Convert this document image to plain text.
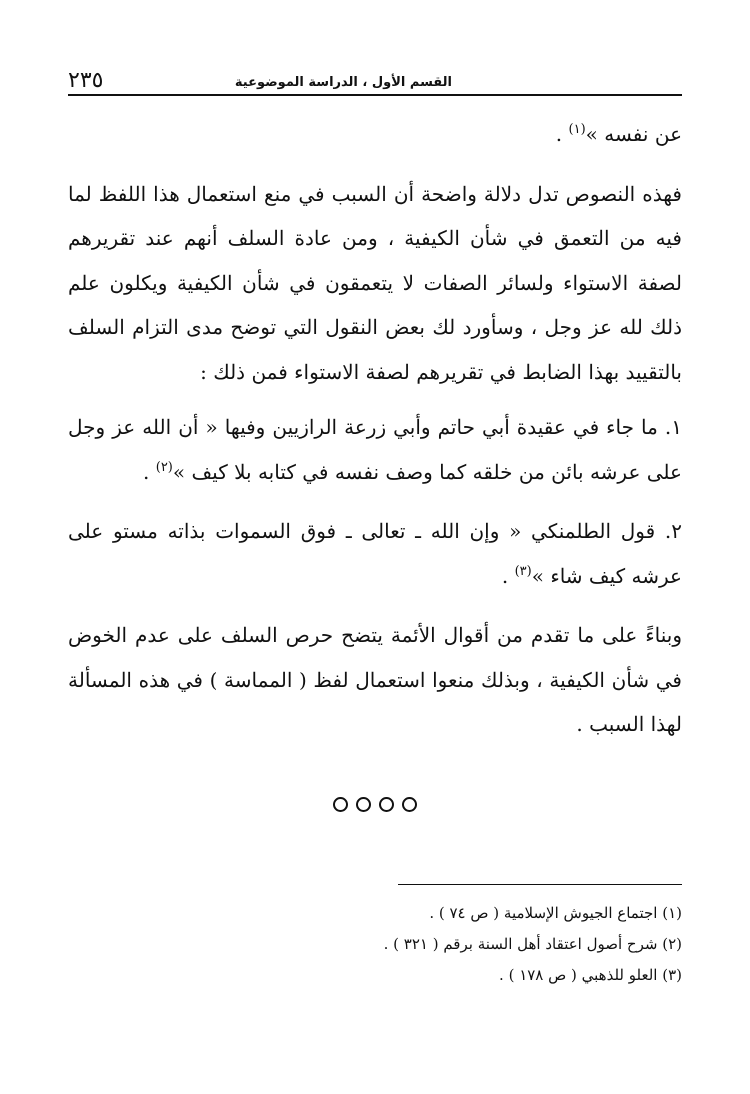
القسم الأول ، الدراسة الموضوعية
٢٣٥

عن نفسه »$^{(١)}$ .

فهذه النصوص تدل دلالة واضحة أن السبب في منع استعمال هذا اللفظ لما فيه من التعمق في شأن الكيفية ، ومن عادة السلف أنهم عند تقريرهم لصفة الاستواء ولسائر الصفات لا يتعمقون في شأن الكيفية ويكلون علم ذلك لله عز وجل ، وسأورد لك بعض النقول التي توضح مدى التزام السلف بالتقييد بهذا الضابط في تقريرهم لصفة الاستواء فمن ذلك :

١. ما جاء في عقيدة أبي حاتم وأبي زرعة الرازيين وفيها « أن الله عز وجل على عرشه بائن من خلقه كما وصف نفسه في كتابه بلا كيف »$^{(٢)}$ .

٢. قول الطلمنكي « وإن الله ـ تعالى ـ فوق السموات بذاته مستو على عرشه كيف شاء »$^{(٣)}$ .

وبناءً على ما تقدم من أقوال الأئمة يتضح حرص السلف على عدم الخوض في شأن الكيفية ، وبذلك منعوا استعمال لفظ ( المماسة ) في هذه المسألة لهذا السبب .

(١) اجتماع الجيوش الإسلامية ( ص ٧٤ ) .

(٢) شرح أصول اعتقاد أهل السنة برقم ( ٣٢١ ) .

(٣) العلو للذهبي ( ص ١٧٨ ) .
